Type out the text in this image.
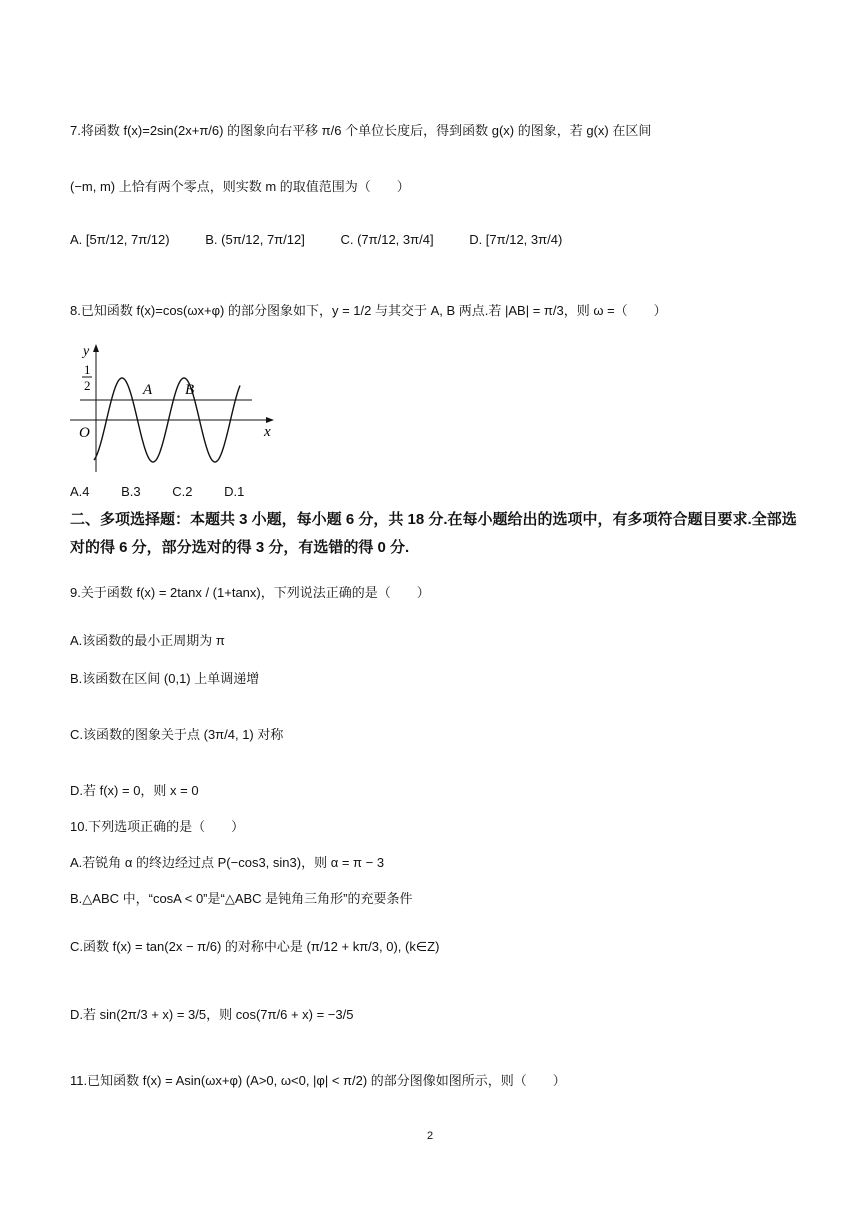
7.将函数 f(x)=2sin(2x+π/6) 的图象向右平移 π/6 个单位长度后，得到函数 g(x) 的图象，若 g(x) 在区间
(−m, m) 上恰有两个零点，则实数 m 的取值范围为（　　）
A. [5π/12, 7π/12)	B. (5π/12, 7π/12]	C. (7π/12, 3π/4]	D. [7π/12, 3π/4)
8.已知函数 f(x)=cos(ωx+φ) 的部分图象如下，y = 1/2 与其交于 A, B 两点.若 |AB| = π/3，则 ω =（　　）
y
x
O
1
2	A B
A.4 B.3 C.2 D.1
二、多项选择题：本题共 3 小题，每小题 6 分，共 18 分.在每小题给出的选项中，有多项符合题目要求.全部选对的得 6 分，部分选对的得 3 分，有选错的得 0 分.
9.关于函数 f(x) = 2tanx / (1+tanx)，下列说法正确的是（　　）
A.该函数的最小正周期为 π
B.该函数在区间 (0,1) 上单调递增
C.该函数的图象关于点 (3π/4, 1) 对称
D.若 f(x) = 0，则 x = 0
10.下列选项正确的是（　　）
A.若锐角 α 的终边经过点 P(−cos3, sin3)，则 α = π − 3
B.△ABC 中，“cosA < 0”是“△ABC 是钝角三角形”的充要条件
C.函数 f(x) = tan(2x − π/6) 的对称中心是 (π/12 + kπ/3, 0), (k∈Z)
D.若 sin(2π/3 + x) = 3/5，则 cos(7π/6 + x) = −3/5
11.已知函数 f(x) = Asin(ωx+φ) (A>0, ω<0, |φ| < π/2) 的部分图像如图所示，则（　　）
2
